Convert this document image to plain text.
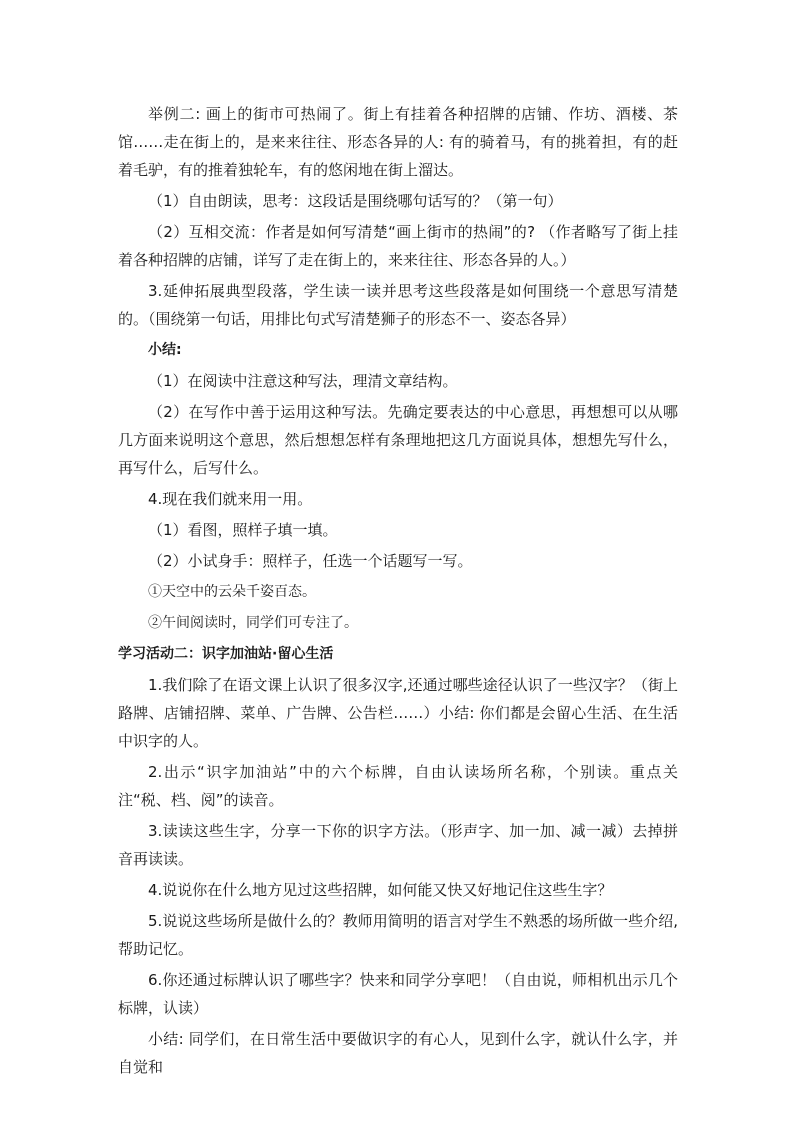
举例二: 画上的街市可热闹了。街上有挂着各种招牌的店铺、作坊、酒楼、茶馆……走在街上的，是来来往往、形态各异的人: 有的骑着马，有的挑着担，有的赶着毛驴，有的推着独轮车，有的悠闲地在街上溜达。

（1）自由朗读，思考：这段话是围绕哪句话写的？（第一句）

（2）互相交流：作者是如何写清楚“画上街市的热闹”的? （作者略写了街上挂着各种招牌的店铺，详写了走在街上的，来来往往、形态各异的人。）

3.延伸拓展典型段落，学生读一读并思考这些段落是如何围绕一个意思写清楚的。（围绕第一句话，用排比句式写清楚狮子的形态不一、姿态各异）

小结:

（1）在阅读中注意这种写法，理清文章结构。

（2）在写作中善于运用这种写法。先确定要表达的中心意思，再想想可以从哪几方面来说明这个意思，然后想想怎样有条理地把这几方面说具体，想想先写什么，再写什么，后写什么。

4.现在我们就来用一用。

（1）看图，照样子填一填。

（2）小试身手：照样子，任选一个话题写一写。

①天空中的云朵千姿百态。

②午间阅读时，同学们可专注了。

学习活动二：识字加油站·留心生活

1.我们除了在语文课上认识了很多汉字,还通过哪些途径认识了一些汉字？（街上路牌、店铺招牌、菜单、广告牌、公告栏……）小结: 你们都是会留心生活、在生活中识字的人。

2.出示“识字加油站”中的六个标牌，自由认读场所名称，个别读。重点关注“税、档、阅”的读音。

3.读读这些生字，分享一下你的识字方法。（形声字、加一加、减一减）去掉拼音再读读。

4.说说你在什么地方见过这些招牌，如何能又快又好地记住这些生字？

5.说说这些场所是做什么的？教师用简明的语言对学生不熟悉的场所做一些介绍,帮助记忆。

6.你还通过标牌认识了哪些字？快来和同学分享吧！（自由说，师相机出示几个标牌，认读）

小结: 同学们，在日常生活中要做识字的有心人，见到什么字，就认什么字，并自觉和
